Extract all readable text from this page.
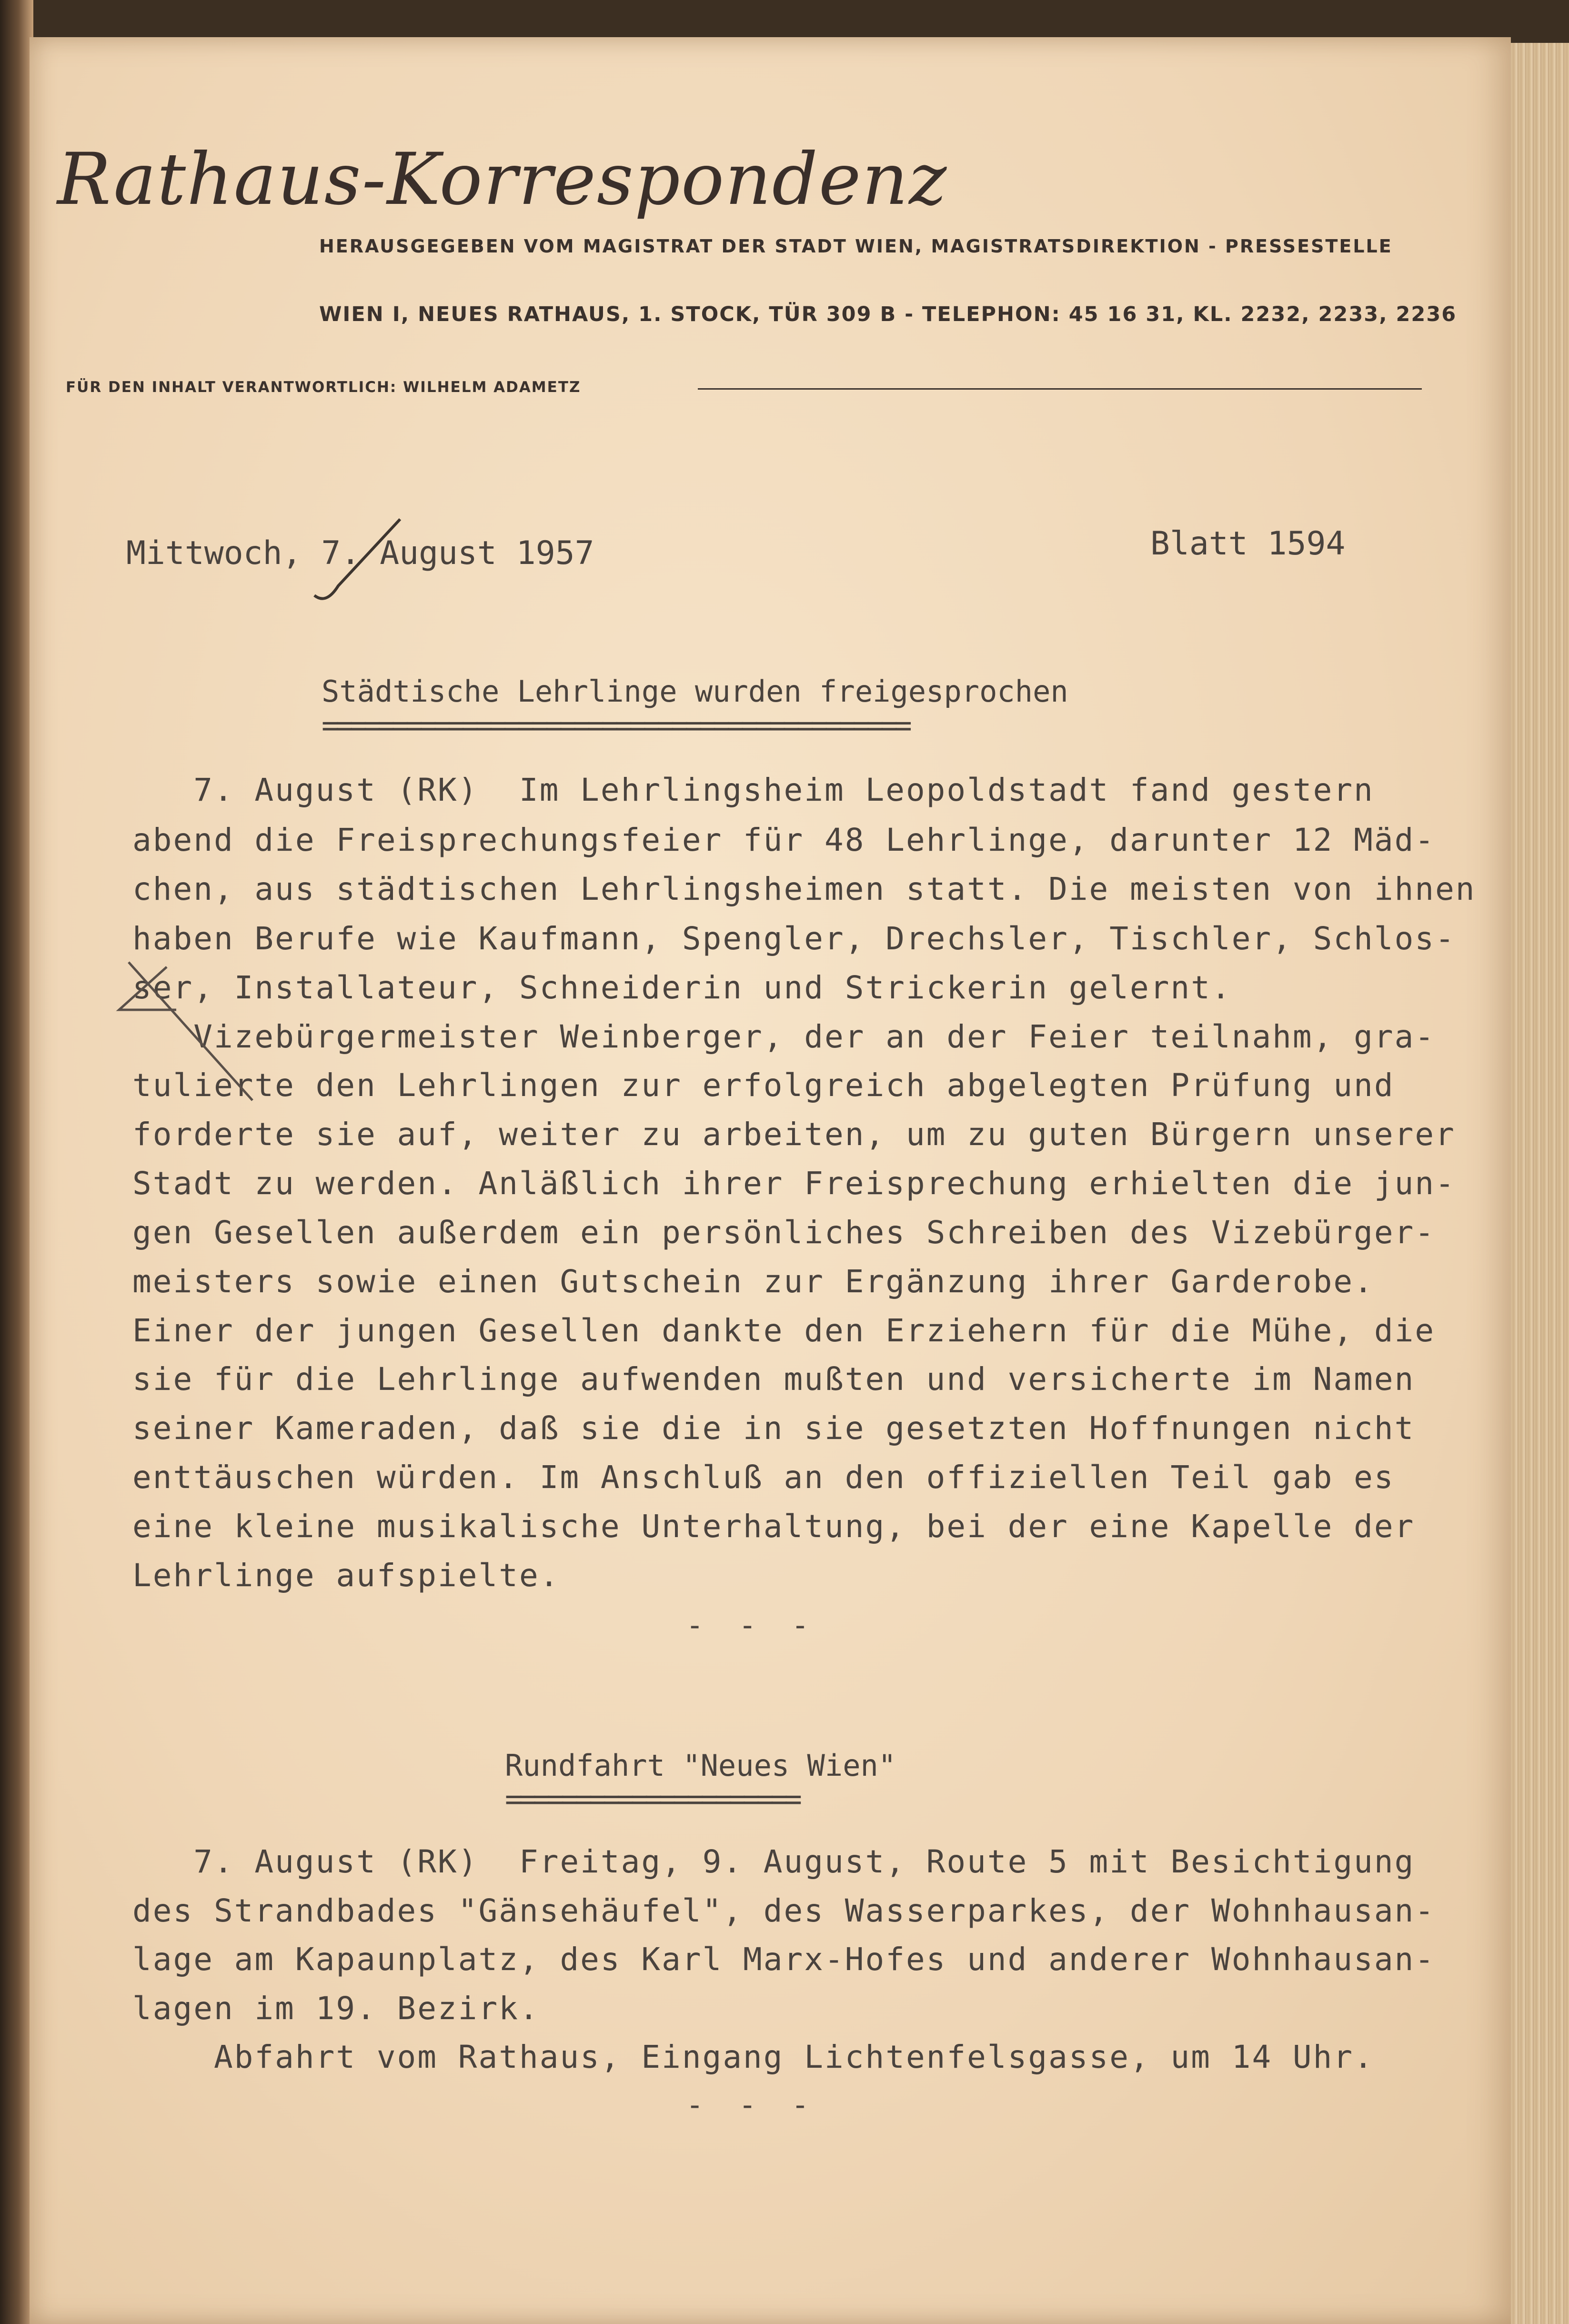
Rathaus-Korrespondenz
HERAUSGEGEBEN VOM MAGISTRAT DER STADT WIEN, MAGISTRATSDIREKTION - PRESSESTELLE
WIEN I, NEUES RATHAUS, 1. STOCK, TÜR 309 B - TELEPHON: 45 16 31, KL. 2232, 2233, 2236
FÜR DEN INHALT VERANTWORTLICH: WILHELM ADAMETZ
Mittwoch, 7. August 1957	Blatt 1594
Städtische Lehrlinge wurden freigesprochen
==========================================
7. August (RK)  Im Lehrlingsheim Leopoldstadt fand gestern
abend die Freisprechungsfeier für 48 Lehrlinge, darunter 12 Mäd-
chen, aus städtischen Lehrlingsheimen statt. Die meisten von ihnen
haben Berufe wie Kaufmann, Spengler, Drechsler, Tischler, Schlos-
ser, Installateur, Schneiderin und Strickerin gelernt.
Vizebürgermeister Weinberger, der an der Feier teilnahm, gra-
tulierte den Lehrlingen zur erfolgreich abgelegten Prüfung und
forderte sie auf, weiter zu arbeiten, um zu guten Bürgern unserer
Stadt zu werden. Anläßlich ihrer Freisprechung erhielten die jun-
gen Gesellen außerdem ein persönliches Schreiben des Vizebürger-
meisters sowie einen Gutschein zur Ergänzung ihrer Garderobe.
Einer der jungen Gesellen dankte den Erziehern für die Mühe, die
sie für die Lehrlinge aufwenden mußten und versicherte im Namen
seiner Kameraden, daß sie die in sie gesetzten Hoffnungen nicht
enttäuschen würden. Im Anschluß an den offiziellen Teil gab es
eine kleine musikalische Unterhaltung, bei der eine Kapelle der
Lehrlinge aufspielte.
- - -
Rundfahrt "Neues Wien"
=====================
7. August (RK)  Freitag, 9. August, Route 5 mit Besichtigung
des Strandbades "Gänsehäufel", des Wasserparkes, der Wohnhausan-
lage am Kapaunplatz, des Karl Marx-Hofes und anderer Wohnhausan-
lagen im 19. Bezirk.
Abfahrt vom Rathaus, Eingang Lichtenfelsgasse, um 14 Uhr.
- - -
